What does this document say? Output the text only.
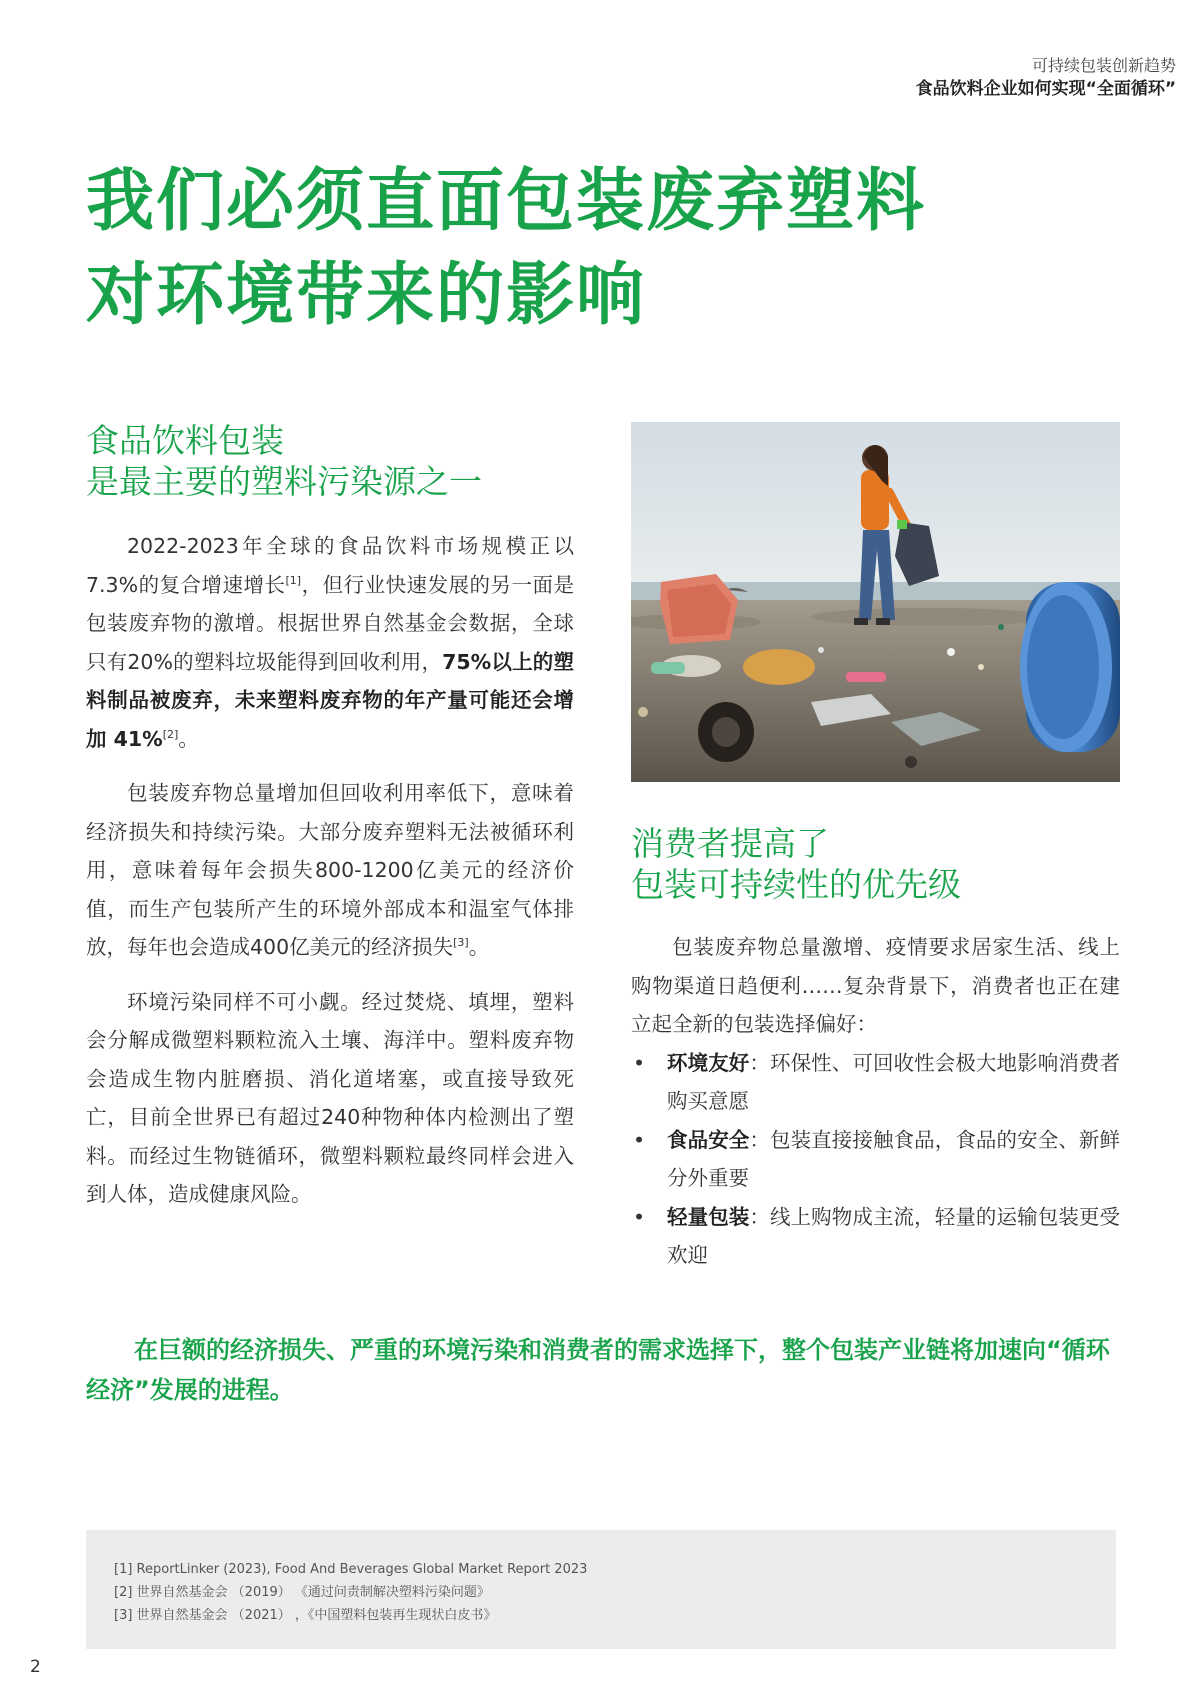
可持续包装创新趋势
食品饮料企业如何实现“全面循环”
我们必须直面包装废弃塑料
对环境带来的影响
食品饮料包装
是最主要的塑料污染源之一

2022-2023年全球的食品饮料市场规模正以7.3%的复合增速增长[1]，但行业快速发展的另一面是包装废弃物的激增。根据世界自然基金会数据，全球只有20%的塑料垃圾能得到回收利用，75%以上的塑料制品被废弃，未来塑料废弃物的年产量可能还会增加 41%[2]。

包装废弃物总量增加但回收利用率低下，意味着经济损失和持续污染。大部分废弃塑料无法被循环利用，意味着每年会损失800-1200亿美元的经济价值，而生产包装所产生的环境外部成本和温室气体排放，每年也会造成400亿美元的经济损失[3]。

环境污染同样不可小觑。经过焚烧、填埋，塑料会分解成微塑料颗粒流入土壤、海洋中。塑料废弃物会造成生物内脏磨损、消化道堵塞，或直接导致死亡，目前全世界已有超过240种物种体内检测出了塑料。而经过生物链循环，微塑料颗粒最终同样会进入到人体，造成健康风险。

消费者提高了
包装可持续性的优先级

包装废弃物总量激增、疫情要求居家生活、线上购物渠道日趋便利……复杂背景下，消费者也正在建立起全新的包装选择偏好：

• 环境友好：环保性、可回收性会极大地影响消费者购买意愿
• 食品安全：包装直接接触食品，食品的安全、新鲜分外重要
• 轻量包装：线上购物成主流，轻量的运输包装更受欢迎

在巨额的经济损失、严重的环境污染和消费者的需求选择下，整个包装产业链将加速向“循环经济”发展的进程。

[1] ReportLinker (2023), Food And Beverages Global Market Report 2023
[2] 世界自然基金会 （2019） 《通过问责制解决塑料污染问题》
[3] 世界自然基金会 （2021） ，《中国塑料包装再生现状白皮书》
2
